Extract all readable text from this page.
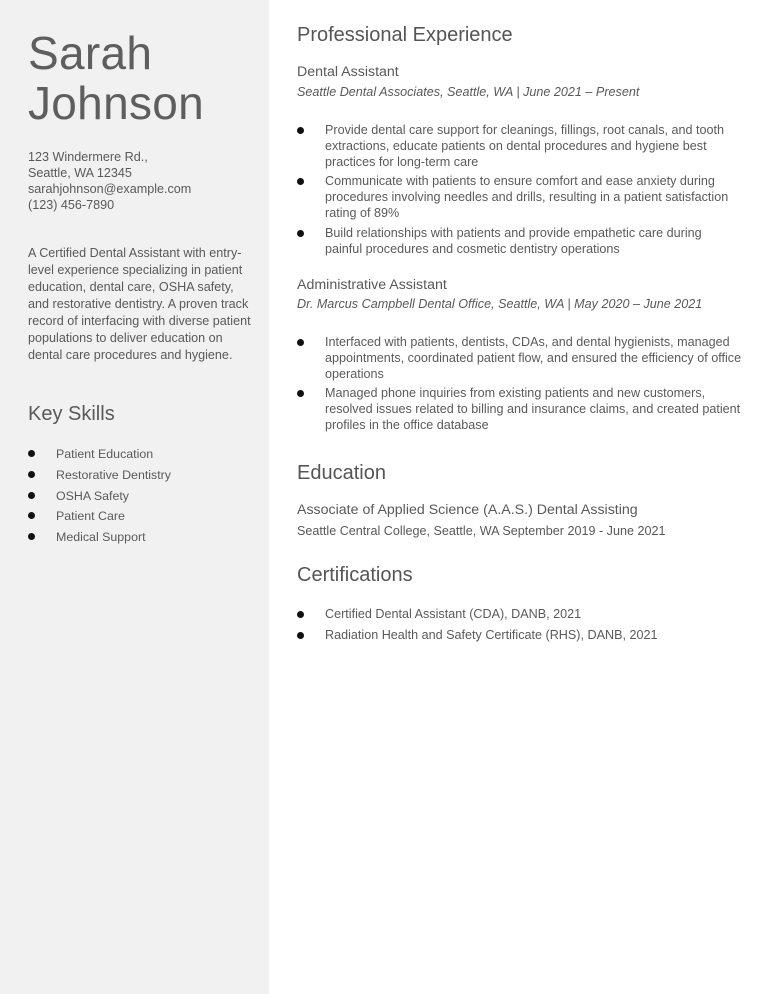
Sarah
Johnson
123 Windermere Rd.,
Seattle, WA 12345
sarahjohnson@example.com
(123) 456-7890

A Certified Dental Assistant with entry-level experience specializing in patient education, dental care, OSHA safety, and restorative dentistry. A proven track record of interfacing with diverse patient populations to deliver education on dental care procedures and hygiene.

Key Skills
Patient Education
Restorative Dentistry
OSHA Safety
Patient Care
Medical Support
Professional Experience
Dental Assistant
Seattle Dental Associates, Seattle, WA | June 2021 – Present
Provide dental care support for cleanings, fillings, root canals, and tooth extractions, educate patients on dental procedures and hygiene best practices for long-term care
Communicate with patients to ensure comfort and ease anxiety during procedures involving needles and drills, resulting in a patient satisfaction rating of 89%
Build relationships with patients and provide empathetic care during painful procedures and cosmetic dentistry operations
Administrative Assistant
Dr. Marcus Campbell Dental Office, Seattle, WA | May 2020 – June 2021
Interfaced with patients, dentists, CDAs, and dental hygienists, managed appointments, coordinated patient flow, and ensured the efficiency of office operations
Managed phone inquiries from existing patients and new customers, resolved issues related to billing and insurance claims, and created patient profiles in the office database
Education
Associate of Applied Science (A.A.S.) Dental Assisting
Seattle Central College, Seattle, WA September 2019 - June 2021
Certifications
Certified Dental Assistant (CDA), DANB, 2021
Radiation Health and Safety Certificate (RHS), DANB, 2021
